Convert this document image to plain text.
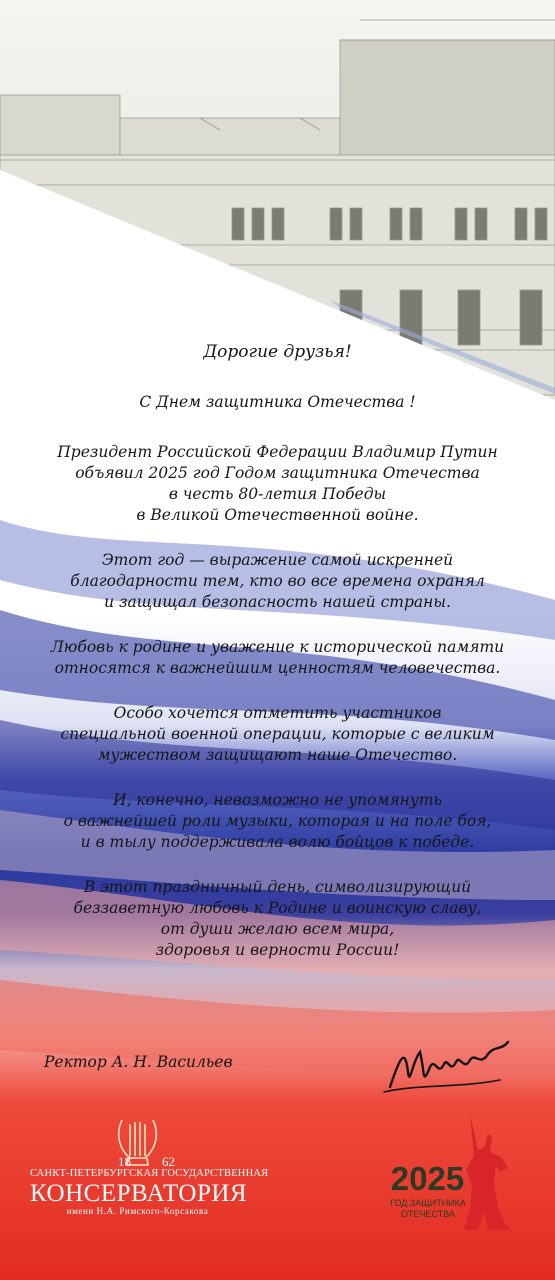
Дорогие друзья!
С Днем защитника Отечества !
Президент Российской Федерации Владимир Путин
объявил 2025 год Годом защитника Отечества
в честь 80-летия Победы
в Великой Отечественной войне.
Этот год — выражение самой искренней
благодарности тем, кто во все времена охранял
и защищал безопасность нашей страны.
Любовь к родине и уважение к исторической памяти
относятся к важнейшим ценностям человечества.
Особо хочется отметить участников
специальной военной операции, которые с великим
мужеством защищают наше Отечество.
И, конечно, невозможно не упомянуть
о важнейшей роли музыки, которая и на поле боя,
и в тылу поддерживала волю бойцов к победе.
В этот праздничный день, символизирующий
беззаветную любовь к Родине и воинскую славу,
от души желаю всем мира,
здоровья и верности России!
Ректор А. Н. Васильев
18 62
САНКТ-ПЕТЕРБУРГСКАЯ ГОСУДАРСТВЕННАЯ
КОНСЕРВАТОРИЯ
имени Н.А. Римского-Корсакова
2025
ГОД ЗАЩИТНИКА
ОТЕЧЕСТВА
